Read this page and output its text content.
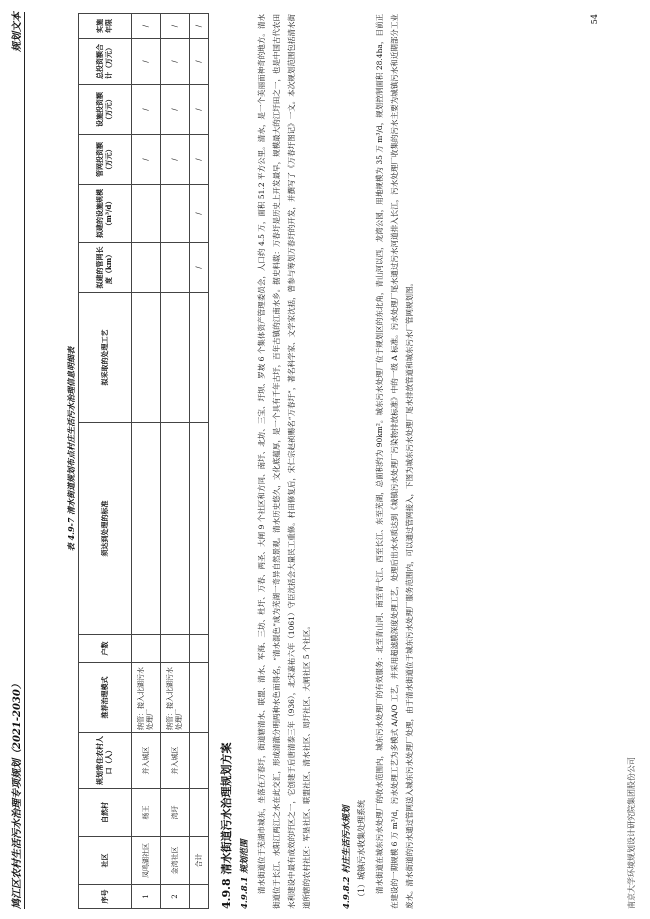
鸠江区农村生活污水治理专项规划（2021-2030）
规划文本	54
表 4.9-7 清水街道规划布点村庄生活污水治理信息明细表
序号	社区	自然村	规划常住农村人口（人）	推荐治理模式	户数	须达到处理的标准	拟采取的处理工艺	拟建的管网长度（km）	拟建的设施规模（m³/d）	管网投资额（万元）	设施投资额（万元）	总投资额合计（万元）	实施年限
1	凤鸣湖社区	杨王	并入城区	纳管：接入北湖污水处理厂						/	/	/	/
2	金湾社区	湾圩	并入城区	纳管：接入北湖污水处理厂						/	/	/	/
	合计							/	/	/	/	/	/
4.9.8 清水街道污水治理规划方案 4.9.8.1 规划范围 清水街道位于芜湖市城东，坐落在万春圩，街道辖清水、联盟、清水、军海、三坊、杜圩、万春、两圣、大闸 9 个社区和方同、南圩、北坊、三宝、圩坝、罗坡 6 个集体资产管理委员会，人口约 4.5 万，面积 51.2 平方公里。清水，是一个美丽而神奇的地方。清水街道位于长江、水阳江两江之水在此交汇，形成清澈分明两种水色而得名，“清水混色”成为芜湖一奇异自然景观。清水历史悠久，文化底蕴厚，是一个具有千年古圩，百年古镇的江南水乡。据史料载：万春圩是历史上开发最早，规模最大的江圩田之一，也是中国古代农田水利建设中最有成效的圩区之一，它创建于后唐清泰三年（936），北宋嘉祐六年（1061）守臣沈括会大量民工重修。村田修复后，宋仁宗赵祯赐名“万春圩”，著名科学家、文学家沈括，曾参与筹划万春圩的开发，并撰写了《万春圩图记》一文。本次规划范围包括清水街道所辖的农村社区：军垦社区、联盟社区、清水社区、周圩社区、大闸社区 5 个社区。	4.9.8.2 村庄生活污水规划 （1）城镇污水收集处理系统	清水街道在城东污水处理厂的收水范围内，城东污水处理厂的有效服务：北至青山河、南至青弋江、西至长江、东至芜湖，总面积约为 90km²。城东污水处理厂位于规划区的东北角，青山河以西，龙湾公园，用地规模为 35 万 m³/d，规划控制面积 28.4ha，目前正在建设的一期规模 6 万 m³/d，污水处理工艺为多模式 A/A/O 工艺，并采用超滤膜深度处理工艺，处理后出水水质达到《城镇污水处理厂污染物排放标准》中的一级 A 标准。污水处理厂尾水通过污水河道排入长江，污水处理厂收集的污水主要为城镇污水和近期部分工业废水。清水街道的污水通过管网送入城东污水处理厂处理，由于清水街道位于城东污水处理厂服务范围内，可以通过管网接入，下图为城东污水处理厂尾水排放管道和城东污水厂管网规划图。	南京大学环境规划设计研究院集团股份公司
